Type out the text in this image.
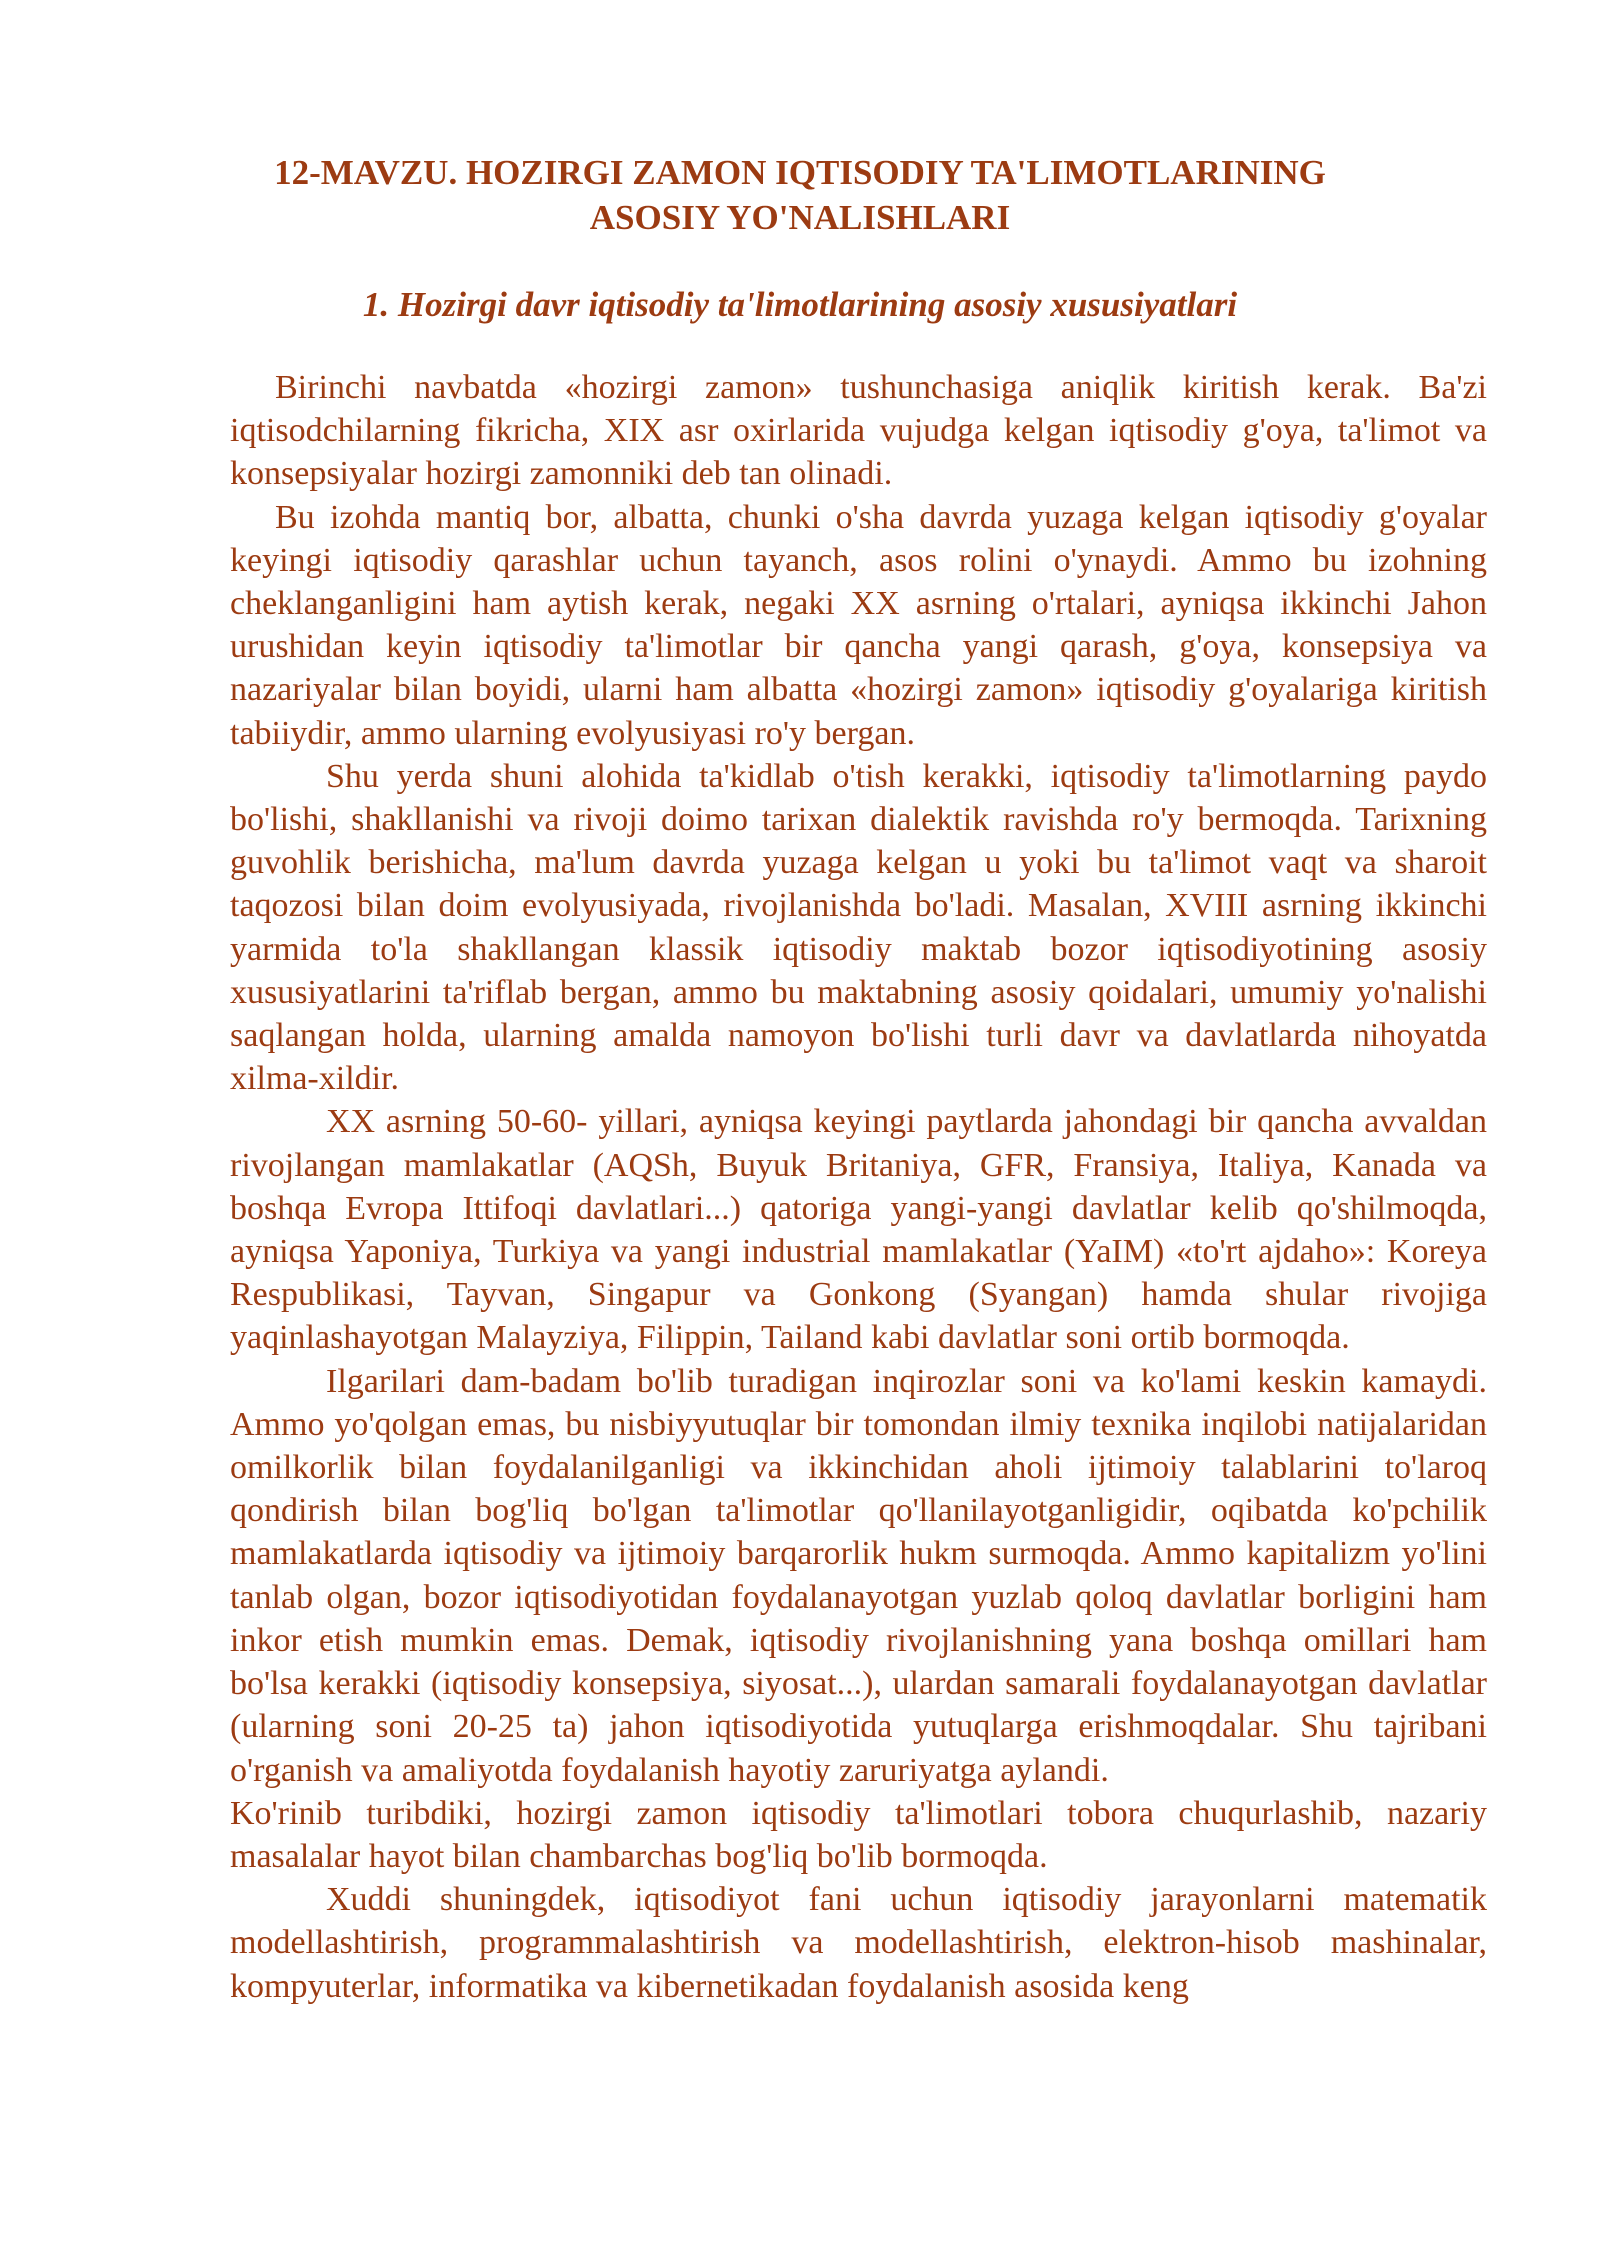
12-MAVZU. HOZIRGI ZAMON IQTISODIY TA'LIMOTLARINING
ASOSIY YO'NALISHLARI
1. Hozirgi davr iqtisodiy ta'limotlarining asosiy xususiyatlari

Birinchi navbatda «hozirgi zamon» tushunchasiga aniqlik kiritish kerak. Ba'zi iqtisodchilarning fikricha, XIX asr oxirlarida vujudga kelgan iqtisodiy g'oya, ta'limot va konsepsiyalar hozirgi zamonniki deb tan olinadi.

Bu izohda mantiq bor, albatta, chunki o'sha davrda yuzaga kelgan iqtisodiy g'oyalar keyingi iqtisodiy qarashlar uchun tayanch, asos rolini o'ynaydi. Ammo bu izohning cheklanganligini ham aytish kerak, negaki XX asrning o'rtalari, ayniqsa ikkinchi Jahon urushidan keyin iqtisodiy ta'limotlar bir qancha yangi qarash, g'oya, konsepsiya va nazariyalar bilan boyidi, ularni ham albatta «hozirgi zamon» iqtisodiy g'oyalariga kiritish tabiiydir, ammo ularning evolyusiyasi ro'y bergan.

Shu yerda shuni alohida ta'kidlab o'tish kerakki, iqtisodiy ta'limotlarning paydo bo'lishi, shakllanishi va rivoji doimo tarixan dialektik ravishda ro'y bermoqda. Tarixning guvohlik berishicha, ma'lum davrda yuzaga kelgan u yoki bu ta'limot vaqt va sharoit taqozosi bilan doim evolyusiyada, rivojlanishda bo'ladi. Masalan, XVIII asrning ikkinchi yarmida to'la shakllangan klassik iqtisodiy maktab bozor iqtisodiyotining asosiy xususiyatlarini ta'riflab bergan, ammo bu maktabning asosiy qoidalari, umumiy yo'nalishi saqlangan holda, ularning amalda namoyon bo'lishi turli davr va davlatlarda nihoyatda xilma-xildir.

XX asrning 50-60- yillari, ayniqsa keyingi paytlarda jahondagi bir qancha avvaldan rivojlangan mamlakatlar (AQSh, Buyuk Britaniya, GFR, Fransiya, Italiya, Kanada va boshqa Evropa Ittifoqi davlatlari...) qatoriga yangi-yangi davlatlar kelib qo'shilmoqda, ayniqsa Yaponiya, Turkiya va yangi industrial mamlakatlar (YaIM) «to'rt ajdaho»: Koreya Respublikasi, Tayvan, Singapur va Gonkong (Syangan) hamda shular rivojiga yaqinlashayotgan Malayziya, Filippin, Tailand kabi davlatlar soni ortib bormoqda.

Ilgarilari dam-badam bo'lib turadigan inqirozlar soni va ko'lami keskin kamaydi. Ammo yo'qolgan emas, bu nisbiyyutuqlar bir tomondan ilmiy texnika inqilobi natijalaridan omilkorlik bilan foydalanilganligi va ikkinchidan aholi ijtimoiy talablarini to'laroq qondirish bilan bog'liq bo'lgan ta'limotlar qo'llanilayotganligidir, oqibatda ko'pchilik mamlakatlarda iqtisodiy va ijtimoiy barqarorlik hukm surmoqda. Ammo kapitalizm yo'lini tanlab olgan, bozor iqtisodiyotidan foydalanayotgan yuzlab qoloq davlatlar borligini ham inkor etish mumkin emas. Demak, iqtisodiy rivojlanishning yana boshqa omillari ham bo'lsa kerakki (iqtisodiy konsepsiya, siyosat...), ulardan samarali foydalanayotgan davlatlar (ularning soni 20-25 ta) jahon iqtisodiyotida yutuqlarga erishmoqdalar. Shu tajribani o'rganish va amaliyotda foydalanish hayotiy zaruriyatga aylandi.

Ko'rinib turibdiki, hozirgi zamon iqtisodiy ta'limotlari tobora chuqurlashib, nazariy masalalar hayot bilan chambarchas bog'liq bo'lib bormoqda.

Xuddi shuningdek, iqtisodiyot fani uchun iqtisodiy jarayonlarni matematik modellashtirish, programmalashtirish va modellashtirish, elektron-hisob mashinalar, kompyuterlar, informatika va kibernetikadan foydalanish asosida keng
